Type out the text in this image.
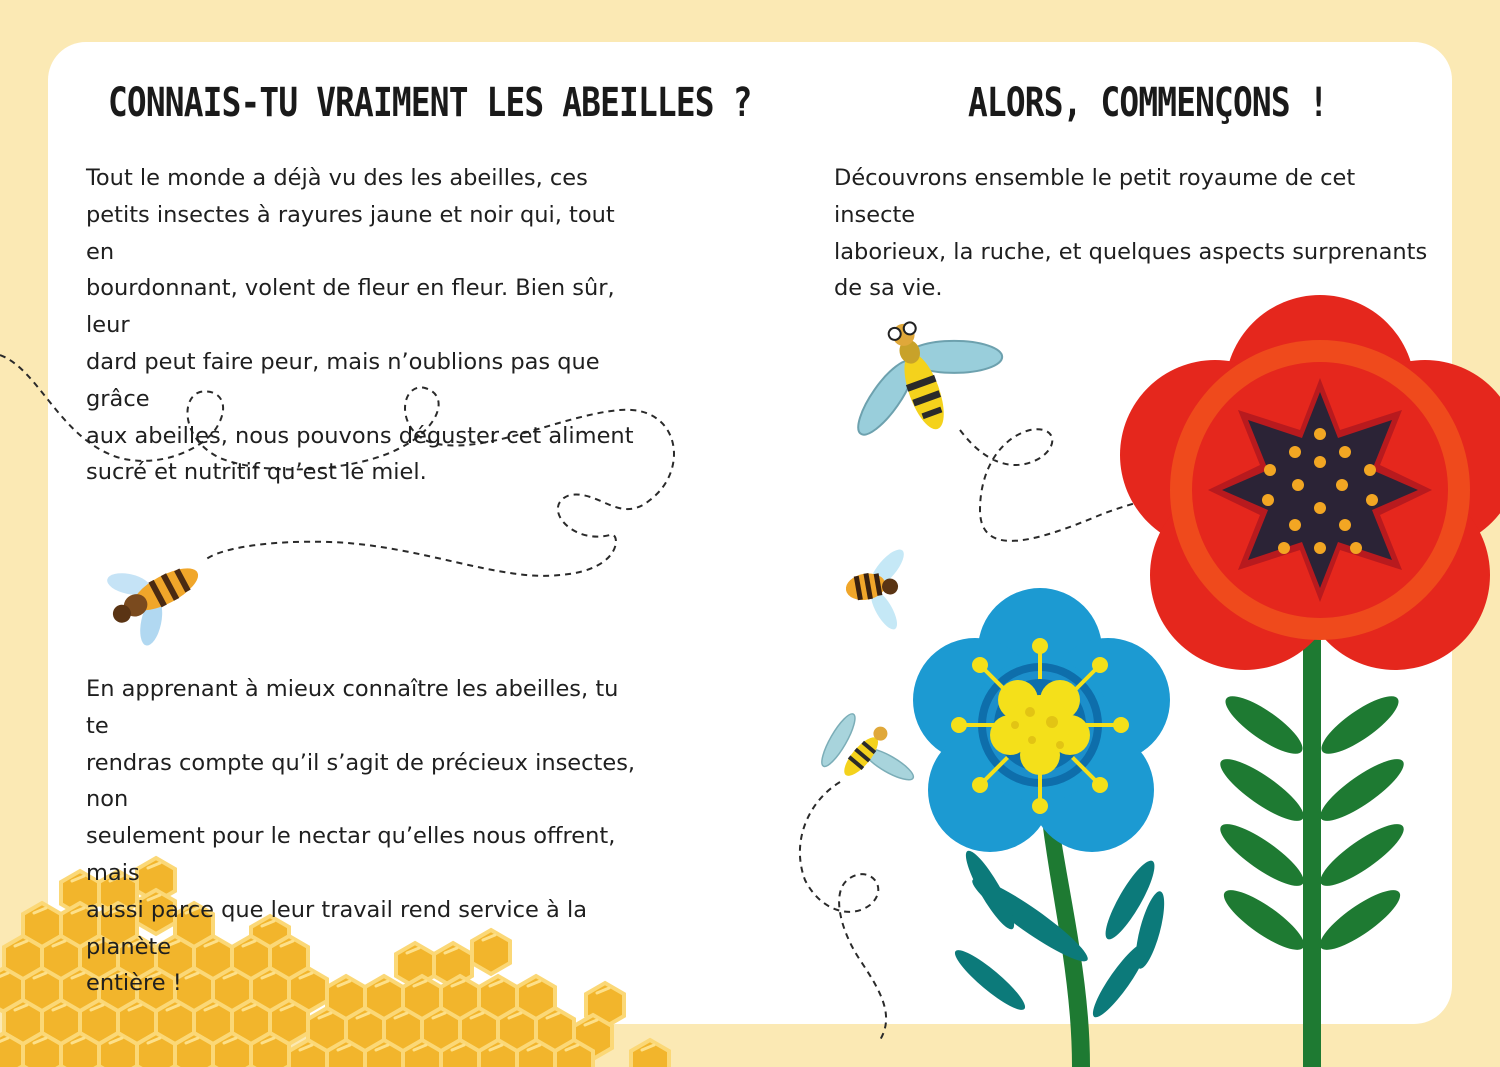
CONNAIS-TU VRAIMENT LES ABEILLES ?	ALORS, COMMENÇONS !

Tout le monde a déjà vu des les abeilles, ces
petits insectes à rayures jaune et noir qui, tout en
bourdonnant, volent de fleur en fleur. Bien sûr, leur
dard peut faire peur, mais n’oublions pas que grâce
aux abeilles, nous pouvons déguster cet aliment
sucré et nutritif qu’est le miel.

En apprenant à mieux connaître les abeilles, tu te
rendras compte qu’il s’agit de précieux insectes, non
seulement pour le nectar qu’elles nous offrent, mais
aussi parce que leur travail rend service à la planète
entière !

Découvrons ensemble le petit royaume de cet insecte
laborieux, la ruche, et quelques aspects surprenants
de sa vie.
